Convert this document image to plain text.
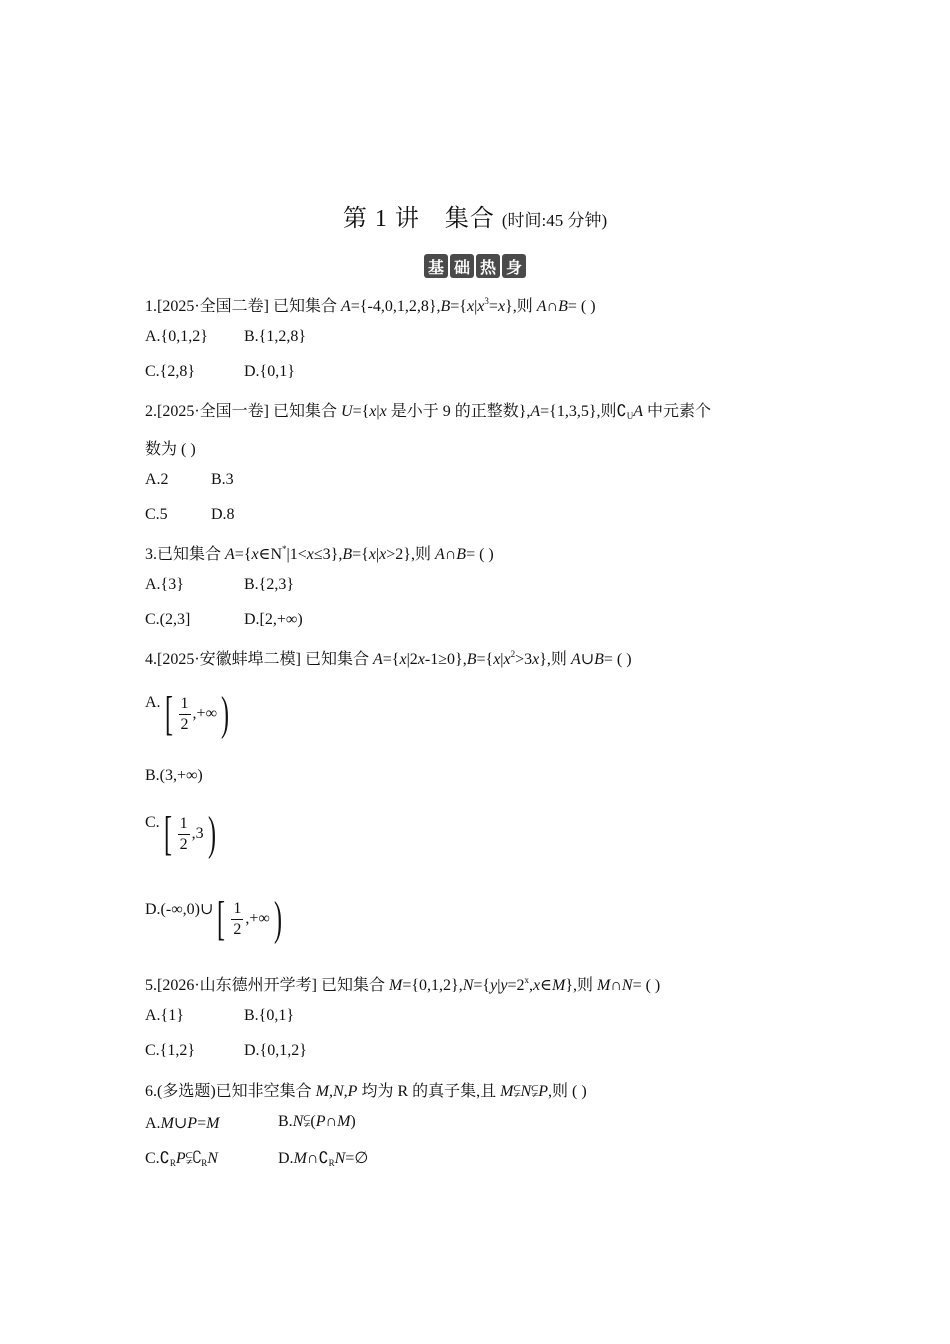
第 1 讲　集合 (时间:45 分钟)
基 础 热 身
1.[2025·全国二卷] 已知集合 $A=\{-4,0,1,2,8\},B=\{x|x^3=x\}$,则 A∩B= ( )
A.{0,1,2} B.{1,2,8}
C.{2,8}	D.{0,1}
2.[2025·全国一卷] 已知集合 U={x|x 是小于 9 的正整数},A={1,3,5},则$∁_UA$ 中元素个
数为 ( )
A.2	B.3
C.5	D.8
3.已知集合 A={x∈N*|1<x≤3},B={x|x>2},则 A∩B= ( )
A.{3}	B.{2,3}
C.(2,3]	D.[2,+∞)
4.[2025·安徽蚌埠二模] 已知集合 $A=\{x|2x-1\ge 0\},B=\{x|x^2>3x\}$,则 A∪B= ( )
A. [ $\frac{1}{2}$ ,+∞ )
B.(3,+∞)
C. [ $\frac{1}{2} ,3$ )
D.(-∞,0)∪ [ $\frac{1}{2}$ ,+∞ )
5.[2026·山东德州开学考] 已知集合 $M=\{0,1,2\},N=\{y|y=2^x,x\in M\}$,则 M∩N= ( )
A.{1}	B.{0,1}
C.{1,2}	D.{0,1,2}
6.(多选题)已知非空集合 M,N,P 均为 R 的真子集,且 M⫋N⫋P,则 ( )
A.M∪P=M	B.N⫋(P∩M)
$C.∁_RP⫋∁_RN$	$D.M\cap∁_RN=\emptyset$
